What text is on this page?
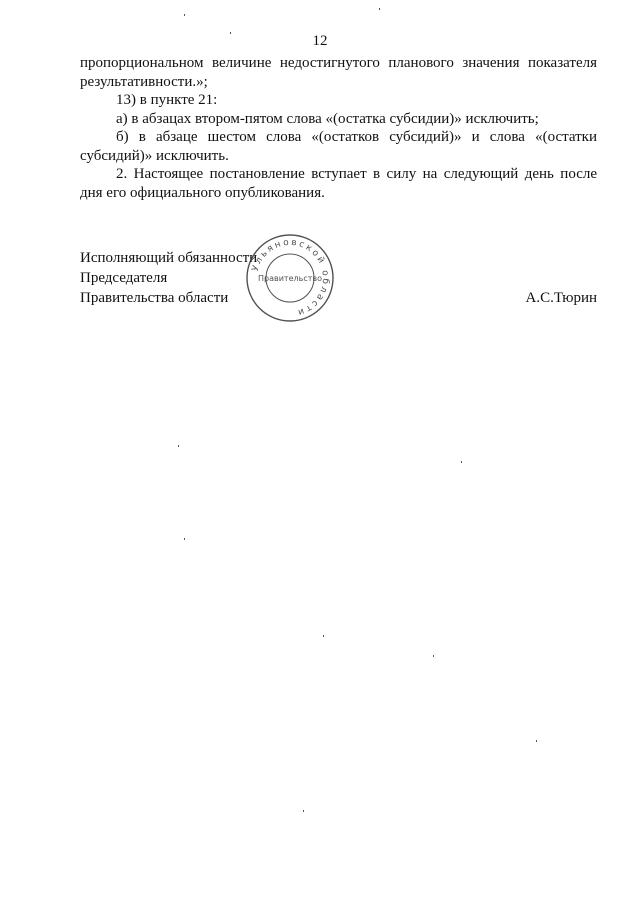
12

пропорциональном величине недостигнутого планового значения показателя результативности.»;

13) в пункте 21:

а) в абзацах втором-пятом слова «(остатка субсидии)» исключить;

б) в абзаце шестом слова «(остатков субсидий)» и слова «(остатки субсидий)» исключить.

2. Настоящее постановление вступает в силу на следующий день после дня его официального опубликования.

Исполняющий обязанности
Председателя
Правительства области	А.С.Тюрин
Ульяновской области
Правительство
